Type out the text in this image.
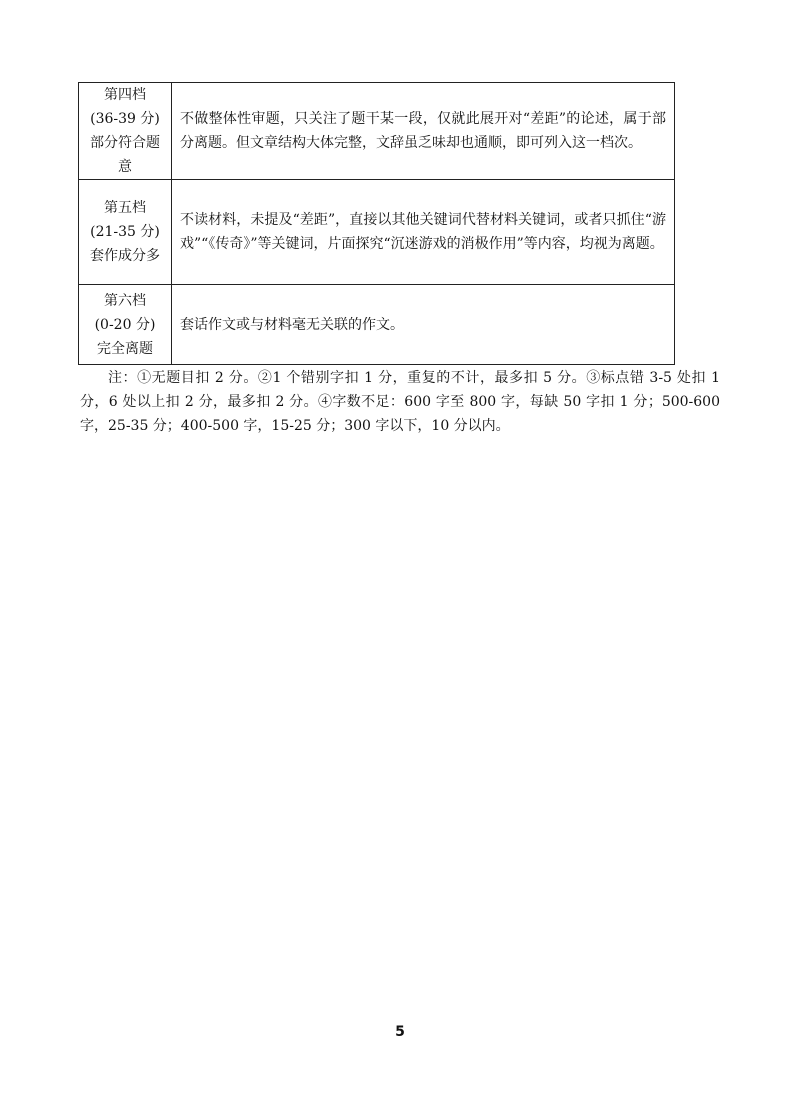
第四档
(36-39 分)
部分符合题
意	不做整体性审题，只关注了题干某一段，仅就此展开对“差距”的论述，属于部分离题。但文章结构大体完整，文辞虽乏味却也通顺，即可列入这一档次。

第五档
(21-35 分)
套作成分多	不读材料，未提及“差距”，直接以其他关键词代替材料关键词，或者只抓住“游戏”“《传奇》”等关键词，片面探究“沉迷游戏的消极作用”等内容，均视为离题。

第六档
(0-20 分)
完全离题	套话作文或与材料毫无关联的作文。

注：①无题目扣 2 分。②1 个错别字扣 1 分，重复的不计，最多扣 5 分。③标点错 3-5 处扣 1 分，6 处以上扣 2 分，最多扣 2 分。④字数不足：600 字至 800 字，每缺 50 字扣 1 分；500-600 字，25-35 分；400-500 字，15-25 分；300 字以下，10 分以内。

5
